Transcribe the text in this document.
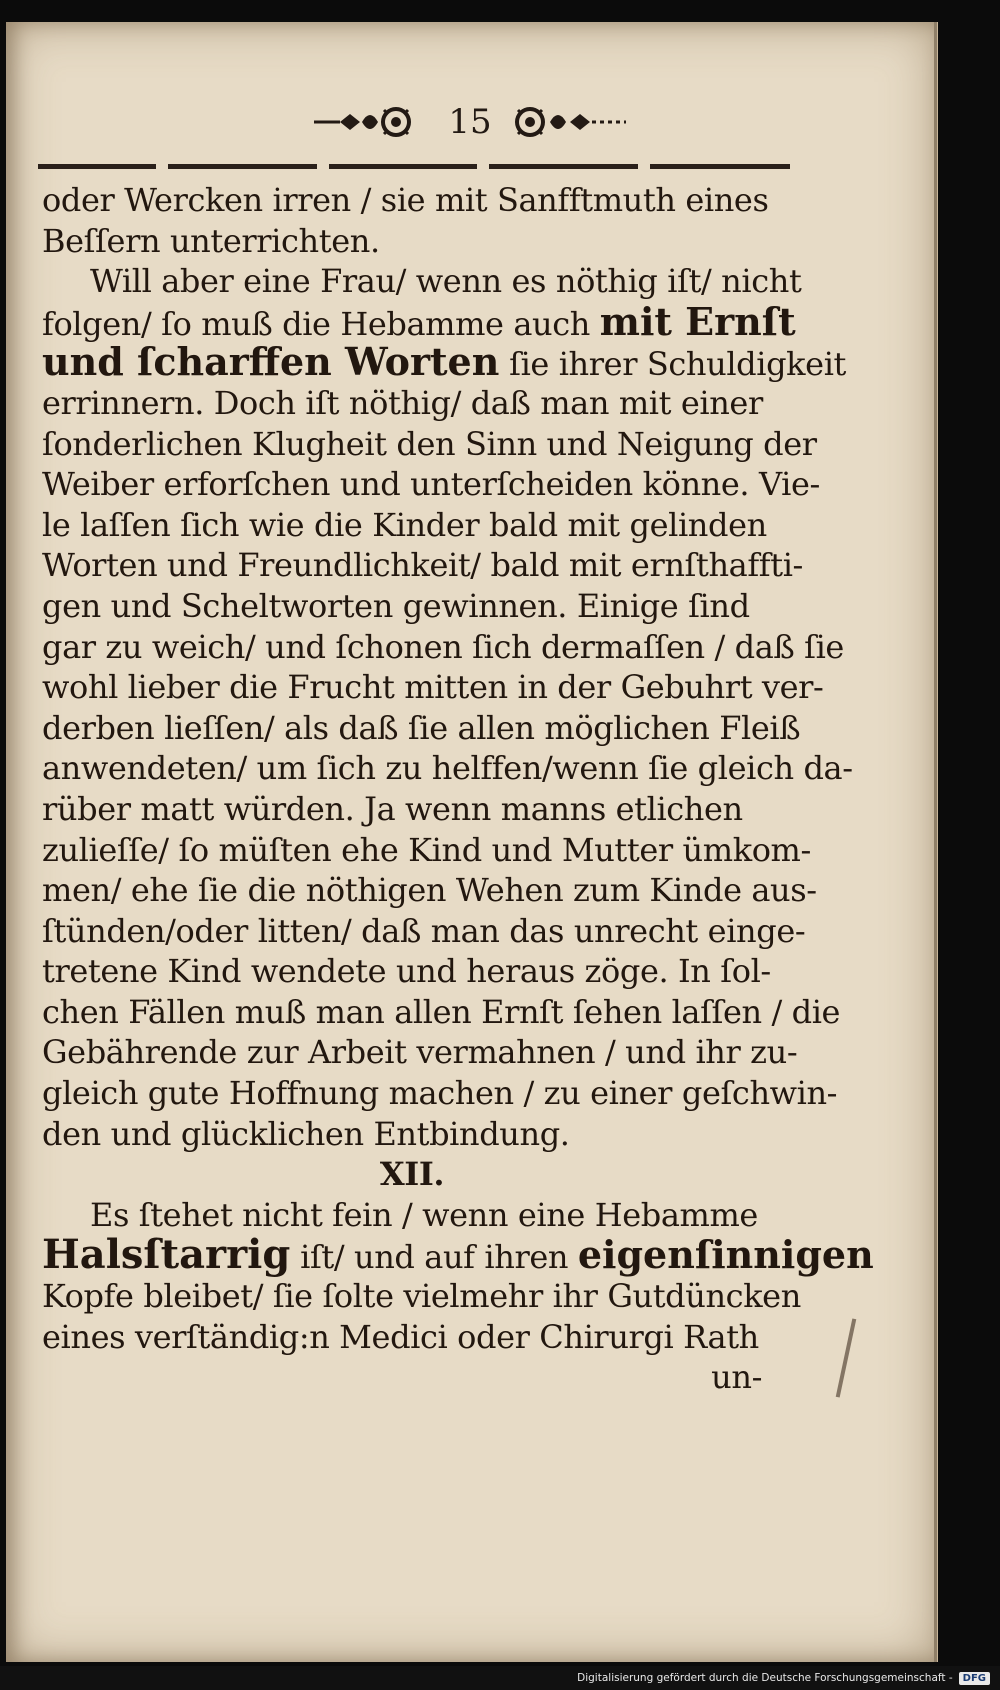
15
oder Wercken irren / sie mit Sanfftmuth eines
Beſſern unterrichten.
Will aber eine Frau/ wenn es nöthig iſt/ nicht
folgen/ ſo muß die Hebamme auch mit Ernſt
und ſcharffen Worten ſie ihrer Schuldigkeit
errinnern. Doch iſt nöthig/ daß man mit einer
ſonderlichen Klugheit den Sinn und Neigung der
Weiber erforſchen und unterſcheiden könne. Vie-
le laſſen ſich wie die Kinder bald mit gelinden
Worten und Freundlichkeit/ bald mit ernſthaffti-
gen und Scheltworten gewinnen. Einige ſind
gar zu weich/ und ſchonen ſich dermaſſen / daß ſie
wohl lieber die Frucht mitten in der Gebuhrt ver-
derben lieſſen/ als daß ſie allen möglichen Fleiß
anwendeten/ um ſich zu helffen/wenn ſie gleich da-
rüber matt würden. Ja wenn manns etlichen
zulieſſe/ ſo müſten ehe Kind und Mutter ümkom-
men/ ehe ſie die nöthigen Wehen zum Kinde aus-
ſtünden/oder litten/ daß man das unrecht einge-
tretene Kind wendete und heraus zöge. In ſol-
chen Fällen muß man allen Ernſt ſehen laſſen / die
Gebährende zur Arbeit vermahnen / und ihr zu-
gleich gute Hoffnung machen / zu einer geſchwin-
den und glücklichen Entbindung.
XII.
Es ſtehet nicht fein / wenn eine Hebamme
Halsſtarrig iſt/ und auf ihren eigenſinnigen
Kopfe bleibet/ ſie ſolte vielmehr ihr Gutdüncken
eines verſtändig:n Medici oder Chirurgi Rath
un-
Digitalisierung gefördert durch die Deutsche Forschungsgemeinschaft -	DFG
